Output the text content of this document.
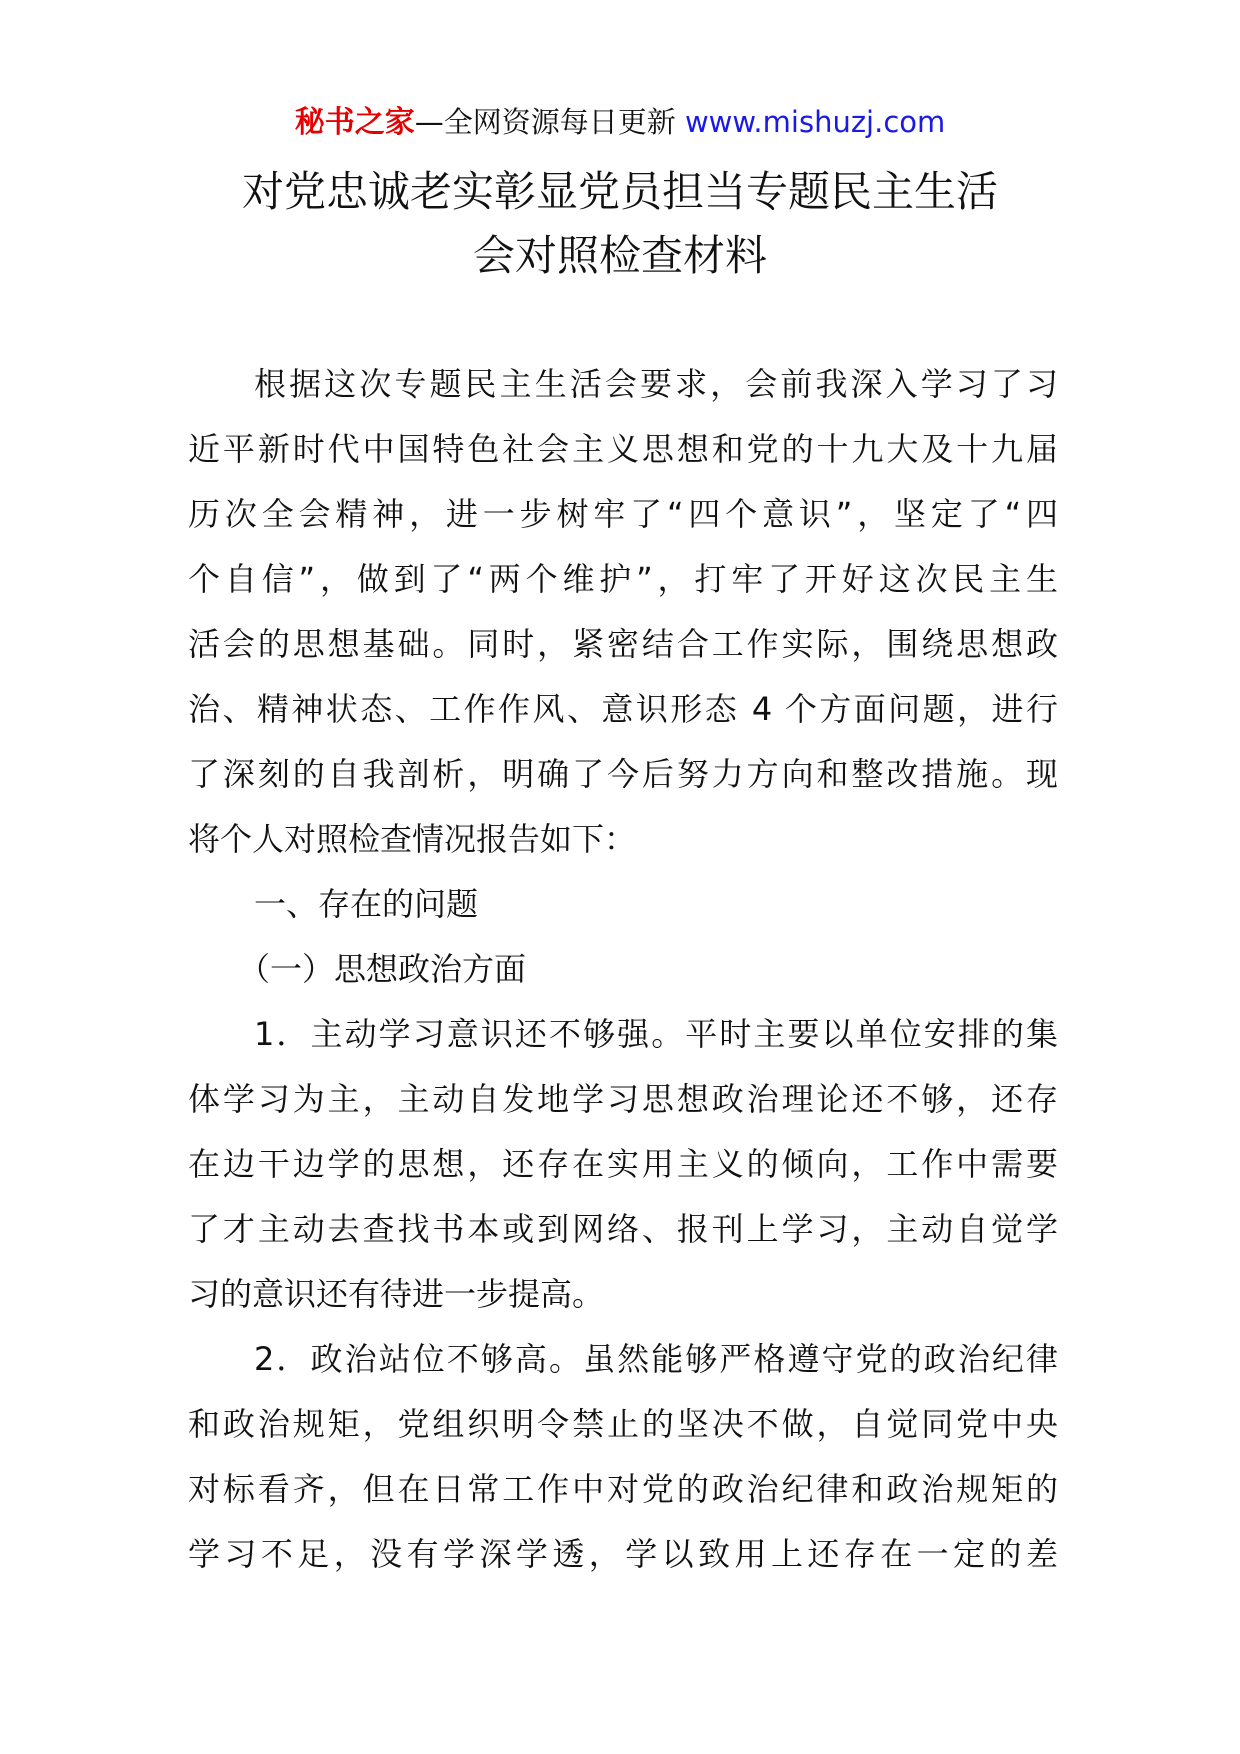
秘书之家—全网资源每日更新 www.mishuzj.com
对党忠诚老实彰显党员担当专题民主生活
会对照检查材料
根据这次专题民主生活会要求，会前我深入学习了习
近平新时代中国特色社会主义思想和党的十九大及十九届
历次全会精神，进一步树牢了“四个意识”，坚定了“四
个自信”，做到了“两个维护”，打牢了开好这次民主生
活会的思想基础。同时，紧密结合工作实际，围绕思想政
治、精神状态、工作作风、意识形态 4 个方面问题，进行
了深刻的自我剖析，明确了今后努力方向和整改措施。现
将个人对照检查情况报告如下：
一、存在的问题
（一）思想政治方面
1．主动学习意识还不够强。平时主要以单位安排的集
体学习为主，主动自发地学习思想政治理论还不够，还存
在边干边学的思想，还存在实用主义的倾向，工作中需要
了才主动去查找书本或到网络、报刊上学习，主动自觉学
习的意识还有待进一步提高。
2．政治站位不够高。虽然能够严格遵守党的政治纪律
和政治规矩，党组织明令禁止的坚决不做，自觉同党中央
对标看齐，但在日常工作中对党的政治纪律和政治规矩的
学习不足，没有学深学透，学以致用上还存在一定的差
